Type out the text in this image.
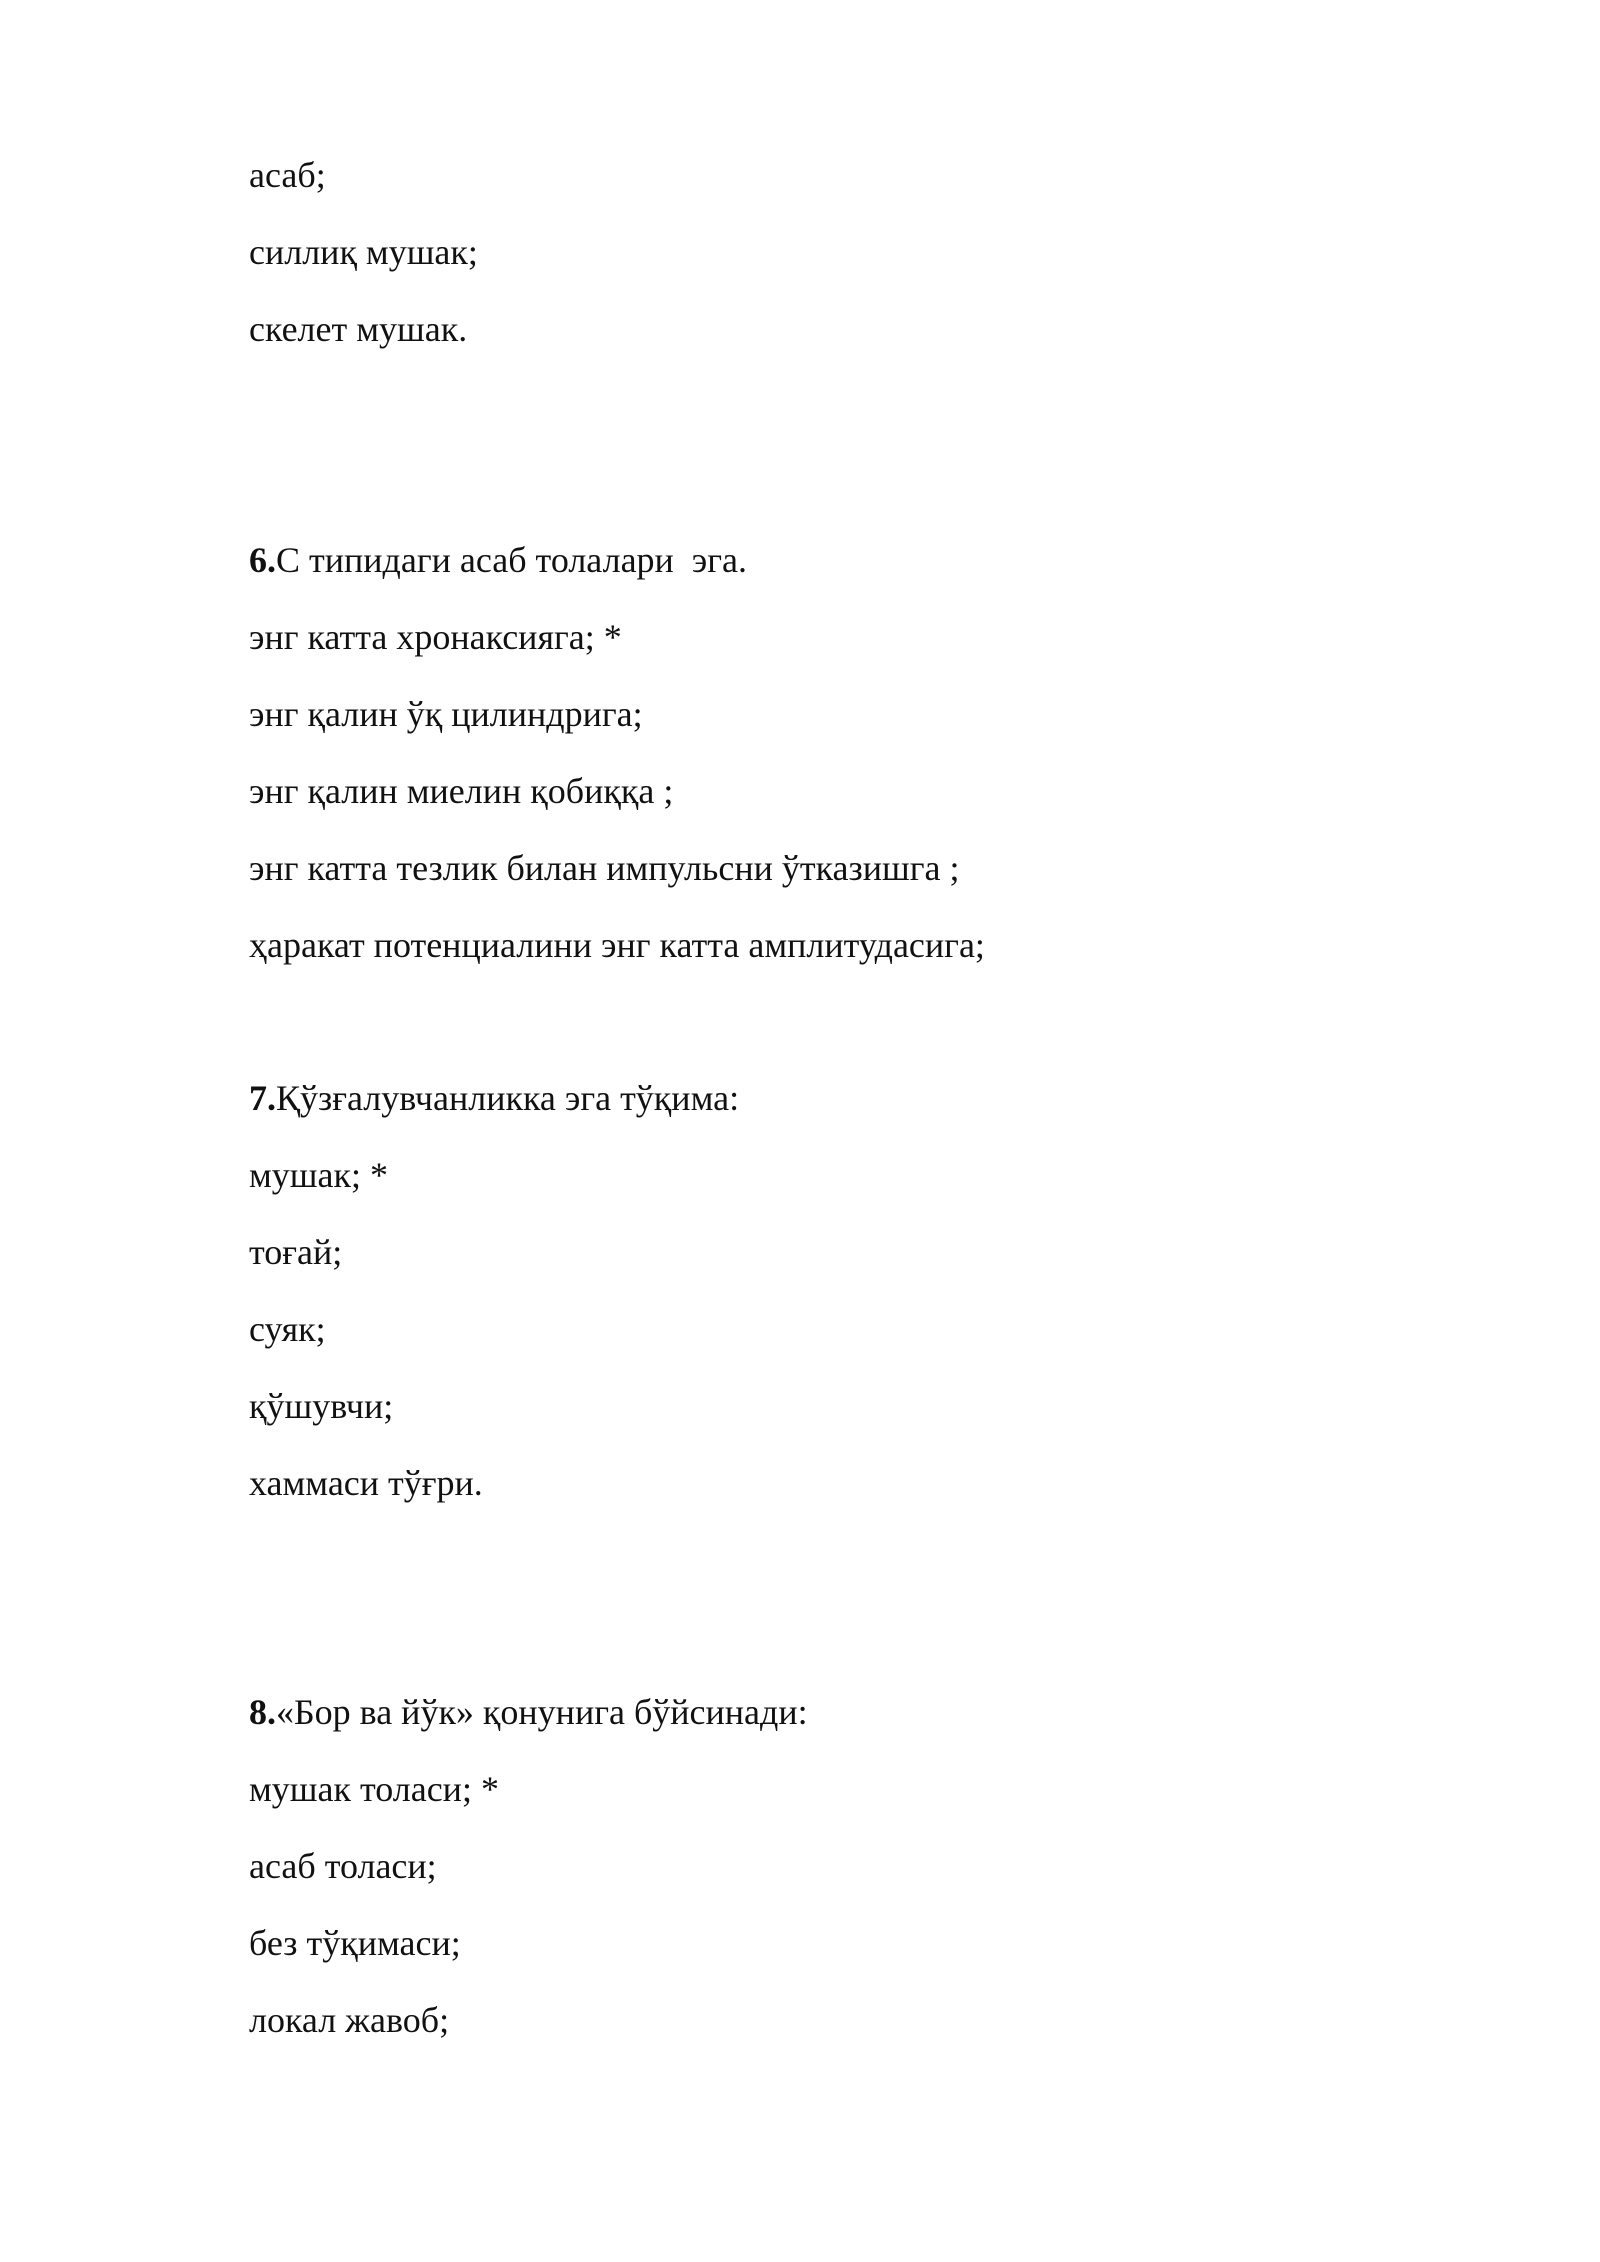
асаб;
силлиқ мушак;
скелет мушак.
6.С типидаги асаб толалари  эга.
энг катта хронаксияга; *
энг қалин ўқ цилиндрига;
энг қалин миелин қобиққа ;
энг катта тезлик билан импульсни ўтказишга ;
ҳаракат потенциалини энг катта амплитудасига;
7.Қўзғалувчанликка эга тўқима:
мушак; *
тоғай;
суяк;
қўшувчи;
хаммаси тўғри.
8.«Бор ва йўк» қонунига бўйсинади:
мушак толаси; *
асаб толаси;
без тўқимаси;
локал жавоб;
